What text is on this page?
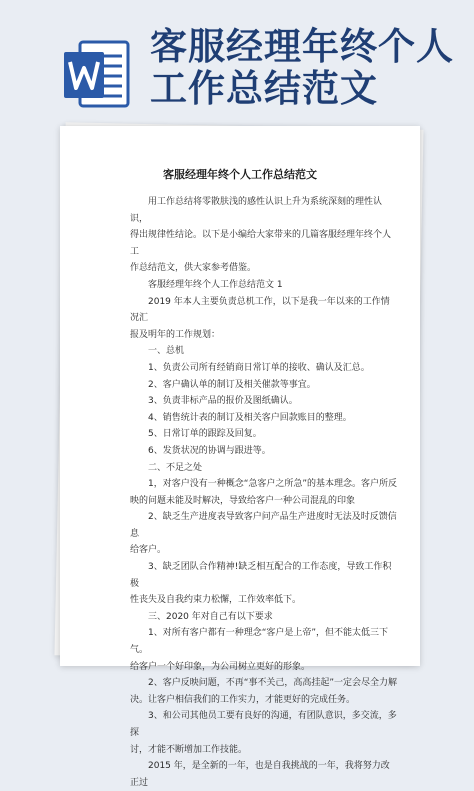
客服经理年终个人
工作总结范文
客服经理年终个人工作总结范文

用工作总结将零散肤浅的感性认识上升为系统深刻的理性认识，

得出规律性结论。以下是小编给大家带来的几篇客服经理年终个人工

作总结范文，供大家参考借鉴。

客服经理年终个人工作总结范文 1

2019 年本人主要负责总机工作，以下是我一年以来的工作情况汇

报及明年的工作规划：

一、总机

1、负责公司所有经销商日常订单的接收、确认及汇总。

2、客户确认单的制订及相关催款等事宜。

3、负责非标产品的报价及图纸确认。

4、销售统计表的制订及相关客户回款账目的整理。

5、日常订单的跟踪及回复。

6、发货状况的协调与跟进等。

二、不足之处

1，对客户没有一种概念“急客户之所急”的基本理念。客户所反

映的问题未能及时解决，导致给客户一种公司混乱的印象

2、缺乏生产进度表导致客户问产品生产进度时无法及时反馈信息

给客户。

3、缺乏团队合作精神!缺乏相互配合的工作态度，导致工作积极

性丧失及自我约束力松懈，工作效率低下。

三、2020 年对自己有以下要求

1、对所有客户都有一种理念“客户是上帝”，但不能太低三下气。

给客户一个好印象，为公司树立更好的形象。

2、客户反映问题，不再“事不关己，高高挂起”一定会尽全力解

决。让客户相信我们的工作实力，才能更好的完成任务。

3、和公司其他员工要有良好的沟通，有团队意识，多交流，多探

讨，才能不断增加工作技能。

2015 年，是全新的一年，也是自我挑战的一年，我将努力改正过
